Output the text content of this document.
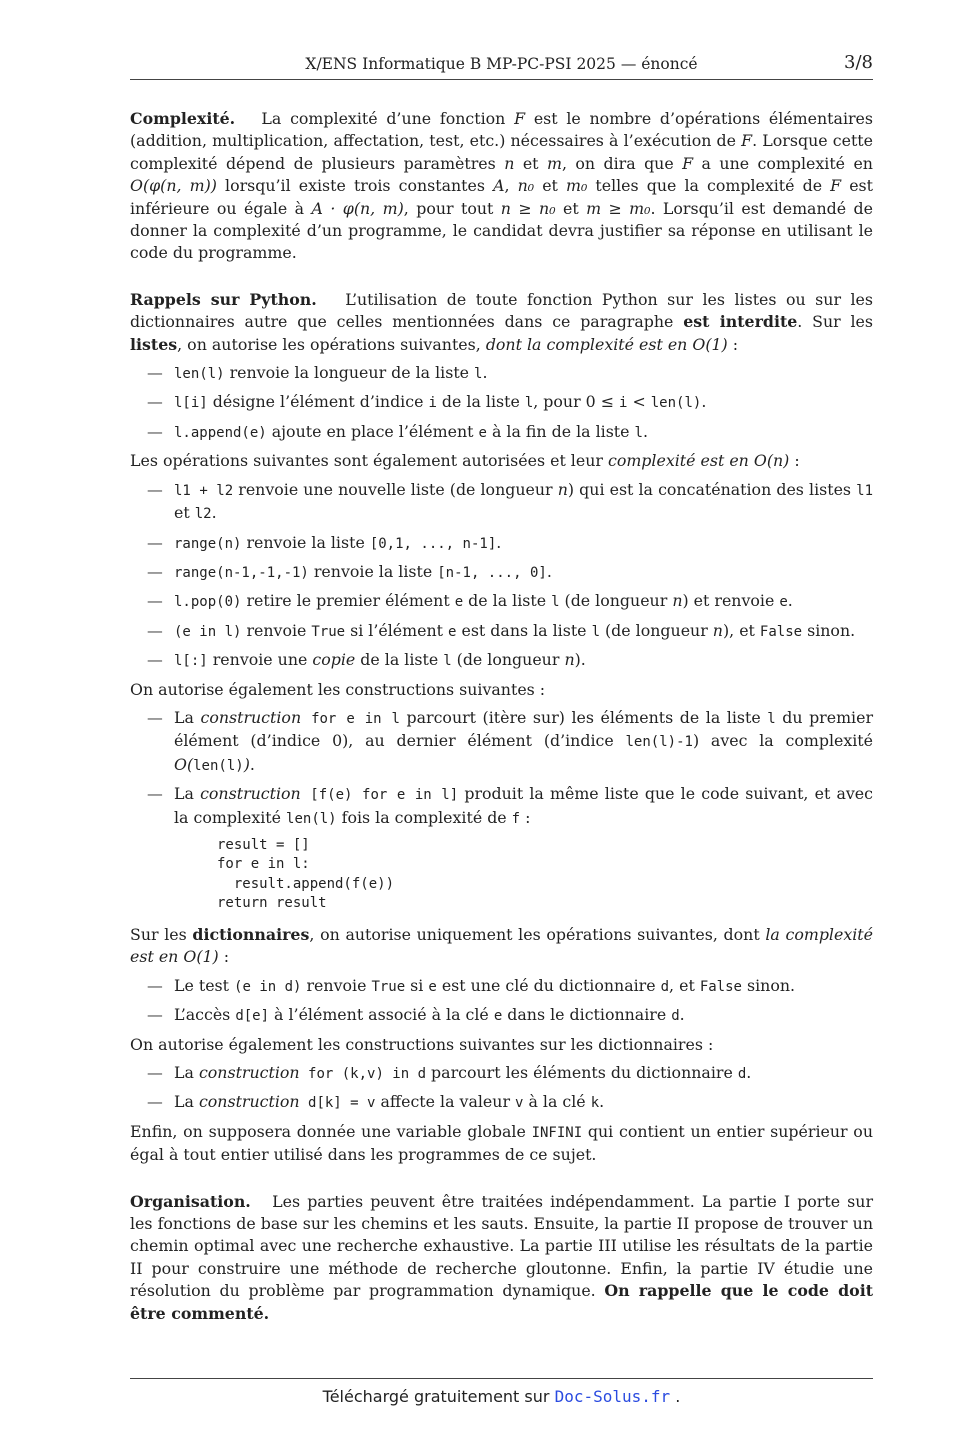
X/ENS Informatique B MP-PC-PSI 2025 — énoncé	3/8

Complexité. La complexité d’une fonction F est le nombre d’opérations élémentaires (addition, multiplication, affectation, test, etc.) nécessaires à l’exécution de F. Lorsque cette complexité dépend de plusieurs paramètres n et m, on dira que F a une complexité en O(φ(n, m)) lorsqu’il existe trois constantes A, n₀ et m₀ telles que la complexité de F est inférieure ou égale à A · φ(n, m), pour tout n ≥ n₀ et m ≥ m₀. Lorsqu’il est demandé de donner la complexité d’un programme, le candidat devra justifier sa réponse en utilisant le code du programme.

Rappels sur Python. L’utilisation de toute fonction Python sur les listes ou sur les dictionnaires autre que celles mentionnées dans ce paragraphe est interdite. Sur les listes, on autorise les opérations suivantes, dont la complexité est en O(1) :

— len(l) renvoie la longueur de la liste l.
— l[i] désigne l’élément d’indice i de la liste l, pour 0 ≤ i < len(l).
— l.append(e) ajoute en place l’élément e à la fin de la liste l.

Les opérations suivantes sont également autorisées et leur complexité est en O(n) :

— l1 + l2 renvoie une nouvelle liste (de longueur n) qui est la concaténation des listes l1 et l2.
— range(n) renvoie la liste [0,1, ..., n-1].
— range(n-1,-1,-1) renvoie la liste [n-1, ..., 0].
— l.pop(0) retire le premier élément e de la liste l (de longueur n) et renvoie e.
— (e in l) renvoie True si l’élément e est dans la liste l (de longueur n), et False sinon.
— l[:] renvoie une copie de la liste l (de longueur n).

On autorise également les constructions suivantes :

— La construction for e in l parcourt (itère sur) les éléments de la liste l du premier élément (d’indice 0), au dernier élément (d’indice len(l)-1) avec la complexité O(len(l)).
— La construction [f(e) for e in l] produit la même liste que le code suivant, et avec la complexité len(l) fois la complexité de f :
result = []
for e in l:
result.append(f(e))
return result

Sur les dictionnaires, on autorise uniquement les opérations suivantes, dont la complexité est en O(1) :

— Le test (e in d) renvoie True si e est une clé du dictionnaire d, et False sinon.
— L’accès d[e] à l’élément associé à la clé e dans le dictionnaire d.

On autorise également les constructions suivantes sur les dictionnaires :

— La construction for (k,v) in d parcourt les éléments du dictionnaire d.
— La construction d[k] = v affecte la valeur v à la clé k.

Enfin, on supposera donnée une variable globale INFINI qui contient un entier supérieur ou égal à tout entier utilisé dans les programmes de ce sujet.

Organisation. Les parties peuvent être traitées indépendamment. La partie I porte sur les fonctions de base sur les chemins et les sauts. Ensuite, la partie II propose de trouver un chemin optimal avec une recherche exhaustive. La partie III utilise les résultats de la partie II pour construire une méthode de recherche gloutonne. Enfin, la partie IV étudie une résolution du problème par programmation dynamique. On rappelle que le code doit être commenté.

Téléchargé gratuitement sur Doc-Solus.fr .
